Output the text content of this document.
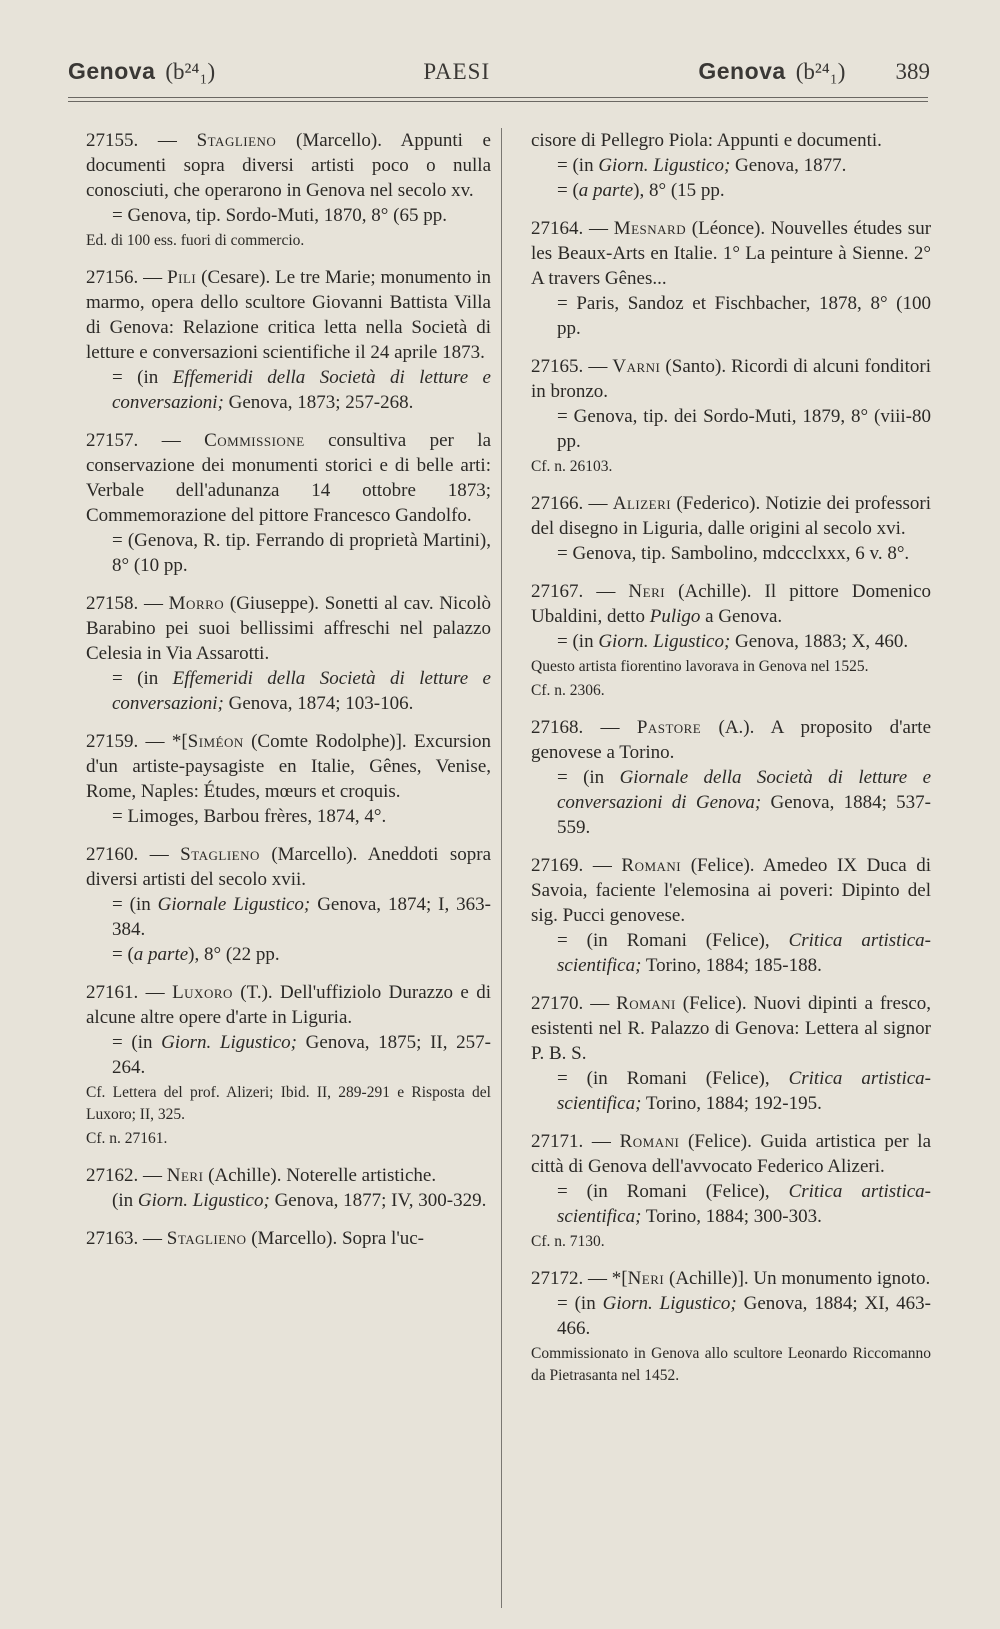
Genova (b²⁴₁)	PAESI	Genova (b²⁴₁) 389

27155. — Staglieno (Marcello). Appunti e documenti sopra diversi artisti poco o nulla conosciuti, che operarono in Genova nel secolo xv.

= Genova, tip. Sordo-Muti, 1870, 8° (65 pp.

Ed. di 100 ess. fuori di commercio.

27156. — Pili (Cesare). Le tre Marie; monumento in marmo, opera dello scultore Giovanni Battista Villa di Genova: Relazione critica letta nella Società di letture e conversazioni scientifiche il 24 aprile 1873.

= (in Effemeridi della Società di letture e conversazioni; Genova, 1873; 257-268.

27157. — Commissione consultiva per la conservazione dei monumenti storici e di belle arti: Verbale dell'adunanza 14 ottobre 1873; Commemorazione del pittore Francesco Gandolfo.

= (Genova, R. tip. Ferrando di proprietà Martini), 8° (10 pp.

27158. — Morro (Giuseppe). Sonetti al cav. Nicolò Barabino pei suoi bellissimi affreschi nel palazzo Celesia in Via Assarotti.

= (in Effemeridi della Società di letture e conversazioni; Genova, 1874; 103-106.

27159. — *[Siméon (Comte Rodolphe)]. Excursion d'un artiste-paysagiste en Italie, Gênes, Venise, Rome, Naples: Études, mœurs et croquis.

= Limoges, Barbou frères, 1874, 4°.

27160. — Staglieno (Marcello). Aneddoti sopra diversi artisti del secolo xvii.

= (in Giornale Ligustico; Genova, 1874; I, 363-384.

= (a parte), 8° (22 pp.

27161. — Luxoro (T.). Dell'uffiziolo Durazzo e di alcune altre opere d'arte in Liguria.

= (in Giorn. Ligustico; Genova, 1875; II, 257-264.

Cf. Lettera del prof. Alizeri; Ibid. II, 289-291 e Risposta del Luxoro; II, 325.

Cf. n. 27161.

27162. — Neri (Achille). Noterelle artistiche.

(in Giorn. Ligustico; Genova, 1877; IV, 300-329.

27163. — Staglieno (Marcello). Sopra l'uc-

cisore di Pellegro Piola: Appunti e documenti.

= (in Giorn. Ligustico; Genova, 1877.

= (a parte), 8° (15 pp.

27164. — Mesnard (Léonce). Nouvelles études sur les Beaux-Arts en Italie. 1° La peinture à Sienne. 2° A travers Gênes...

= Paris, Sandoz et Fischbacher, 1878, 8° (100 pp.

27165. — Varni (Santo). Ricordi di alcuni fonditori in bronzo.

= Genova, tip. dei Sordo-Muti, 1879, 8° (viii-80 pp.

Cf. n. 26103.

27166. — Alizeri (Federico). Notizie dei professori del disegno in Liguria, dalle origini al secolo xvi.

= Genova, tip. Sambolino, mdccclxxx, 6 v. 8°.

27167. — Neri (Achille). Il pittore Domenico Ubaldini, detto Puligo a Genova.

= (in Giorn. Ligustico; Genova, 1883; X, 460.

Questo artista fiorentino lavorava in Genova nel 1525.

Cf. n. 2306.

27168. — Pastore (A.). A proposito d'arte genovese a Torino.

= (in Giornale della Società di letture e conversazioni di Genova; Genova, 1884; 537-559.

27169. — Romani (Felice). Amedeo IX Duca di Savoia, faciente l'elemosina ai poveri: Dipinto del sig. Pucci genovese.

= (in Romani (Felice), Critica artistica-scientifica; Torino, 1884; 185-188.

27170. — Romani (Felice). Nuovi dipinti a fresco, esistenti nel R. Palazzo di Genova: Lettera al signor P. B. S.

= (in Romani (Felice), Critica artistica-scientifica; Torino, 1884; 192-195.

27171. — Romani (Felice). Guida artistica per la città di Genova dell'avvocato Federico Alizeri.

= (in Romani (Felice), Critica artistica-scientifica; Torino, 1884; 300-303.

Cf. n. 7130.

27172. — *[Neri (Achille)]. Un monumento ignoto.

= (in Giorn. Ligustico; Genova, 1884; XI, 463-466.

Commissionato in Genova allo scultore Leonardo Riccomanno da Pietrasanta nel 1452.
